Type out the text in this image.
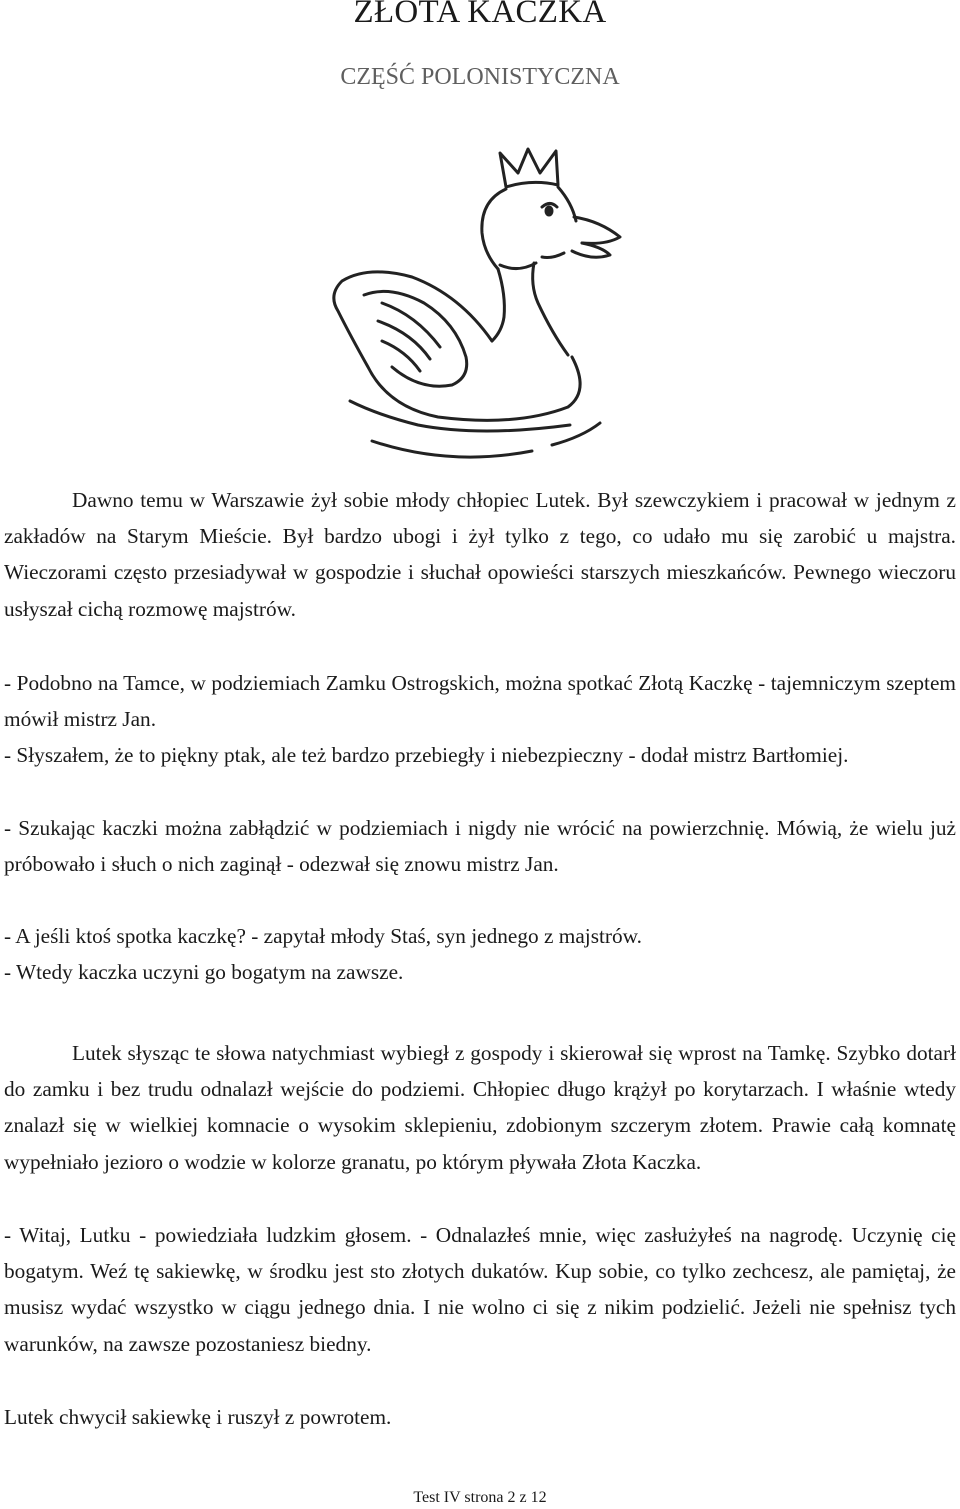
ZŁOTA KACZKA
CZĘŚĆ POLONISTYCZNA

Dawno temu w Warszawie żył sobie młody chłopiec Lutek. Był szewczykiem i pracował w jednym z zakładów na Starym Mieście. Był bardzo ubogi i żył tylko z tego, co udało mu się zarobić u majstra. Wieczorami często przesiadywał w gospodzie i słuchał opowieści starszych mieszkańców. Pewnego wieczoru usłyszał cichą rozmowę majstrów.

- Podobno na Tamce, w podziemiach Zamku Ostrogskich, można spotkać Złotą Kaczkę - tajemniczym szeptem mówił mistrz Jan.

- Słyszałem, że to piękny ptak, ale też bardzo przebiegły i niebezpieczny - dodał mistrz Bartłomiej.

- Szukając kaczki można zabłądzić w podziemiach i nigdy nie wrócić na powierzchnię. Mówią, że wielu już próbowało i słuch o nich zaginął - odezwał się znowu mistrz Jan.

- A jeśli ktoś spotka kaczkę? - zapytał młody Staś, syn jednego z majstrów.

- Wtedy kaczka uczyni go bogatym na zawsze.

Lutek słysząc te słowa natychmiast wybiegł z gospody i skierował się wprost na Tamkę. Szybko dotarł do zamku i bez trudu odnalazł wejście do podziemi. Chłopiec długo krążył po korytarzach. I właśnie wtedy znalazł się w wielkiej komnacie o wysokim sklepieniu, zdobionym szczerym złotem. Prawie całą komnatę wypełniało jezioro o wodzie w kolorze granatu, po którym pływała Złota Kaczka.

- Witaj, Lutku - powiedziała ludzkim głosem. - Odnalazłeś mnie, więc zasłużyłeś na nagrodę. Uczynię cię bogatym. Weź tę sakiewkę, w środku jest sto złotych dukatów. Kup sobie, co tylko zechcesz, ale pamiętaj, że musisz wydać wszystko w ciągu jednego dnia. I nie wolno ci się z nikim podzielić. Jeżeli nie spełnisz tych warunków, na zawsze pozostaniesz biedny.

Lutek chwycił sakiewkę i ruszył z powrotem.

Test IV strona 2 z 12
